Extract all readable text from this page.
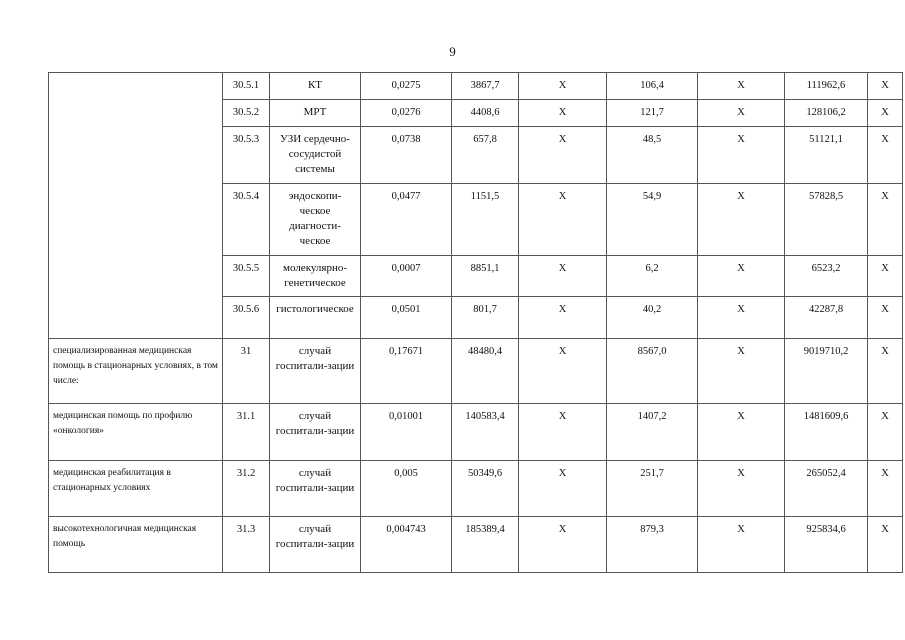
9
	30.5.1	КТ	0,0275	3867,7	X	106,4	X	111962,6	X
	30.5.2	МРТ	0,0276	4408,6	X	121,7	X	128106,2	X
	30.5.3	УЗИ сердечно-сосудистой системы	0,0738	657,8	X	48,5	X	51121,1	X
	30.5.4	эндоскопи-ческое диагности-ческое	0,0477	1151,5	X	54,9	X	57828,5	X
	30.5.5	молекулярно-генетическое	0,0007	8851,1	X	6,2	X	6523,2	X
	30.5.6	гистологическое	0,0501	801,7	X	40,2	X	42287,8	X
специализированная медицинская помощь в стационарных условиях, в том числе:	31	случай госпитали-зации	0,17671	48480,4	X	8567,0	X	9019710,2	X
медицинская помощь по профилю «онкология»	31.1	случай госпитали-зации	0,01001	140583,4	X	1407,2	X	1481609,6	X
медицинская реабилитация в стационарных условиях	31.2	случай госпитали-зации	0,005	50349,6	X	251,7	X	265052,4	X
высокотехнологичная медицинская помощь	31.3	случай госпитали-зации	0,004743	185389,4	X	879,3	X	925834,6	X
